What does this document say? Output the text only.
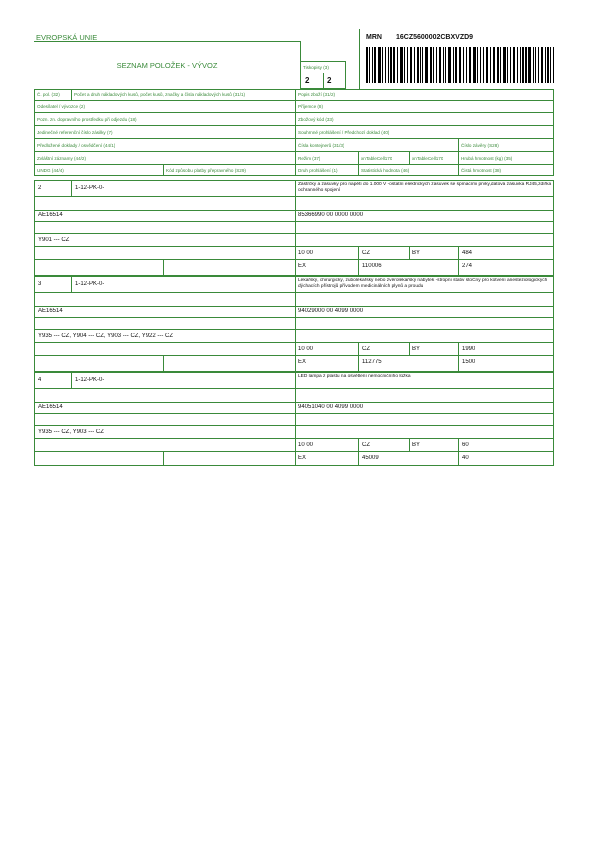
EVROPSKÁ UNIE
SEZNAM POLOŽEK - VÝVOZ	Tiskopisy (3)
2 2
MRN 16CZ5600002CBXVZD9
Č. pol. (32)	Počet a druh nákladových kusů, počet kusů, značky a čísla nákladových kusů (31/1)	Popis zboží (31/2)
Odesílatel / vývozce (2)	Příjemce (8)
Pozn. zn. dopravního prostředku při odjezdu (18)	Zbožový kód (33)
Jedinečné referenční číslo zásilky (7)	Souhrnné prohlášení / Předchozí doklad (40)
Předložené doklady / osvědčení (44/1)	Čísla kontejnerů (31/3)	Číslo závěry (S28)
Zvláštní záznamy (44/2)	Režim (37)	xnTableCell170	xnTableCell170	Hrubá hmotnost (kg) (35)
UNDG (44/4)	Kód způsobu platby přepravného (S29)	Druh prohlášení (1)	Statistická hodnota (46)	Čistá hmotnost (38)
2	1-12-PK-0-
Zástrčky a zásuvky pro napětí do 1.000 V -ostatní elektrických zásuvek se spínacími prvky,datová zásuvka RJ45,zdířka ochranného spojení
AE16514	85366990 00 0000 0000
Y901 --- CZ
10 00	CZ	BY	484
EX	110006	274
3	1-12-PK-0-
Lékařský, chirurgický, zubolékařský nebo zvěrolékařský nábytek -stropní stativ stoČný pro kotvení anesteziologických dýchacích přístrojů přívodem medicinálních plynů a proudu
AE16514	94029000 00 4099 0000
Y935 --- CZ, Y904 --- CZ, Y903 --- CZ, Y922 --- CZ
10 00	CZ	BY	1990
EX	112775	1500
4	1-12-PK-0-
LED lampa z plastu na osvětlení nemocničního lůžka
AE16514	94051040 00 4099 0000
Y935 --- CZ, Y903 --- CZ
10 00	CZ	BY	60
EX	45009	40
